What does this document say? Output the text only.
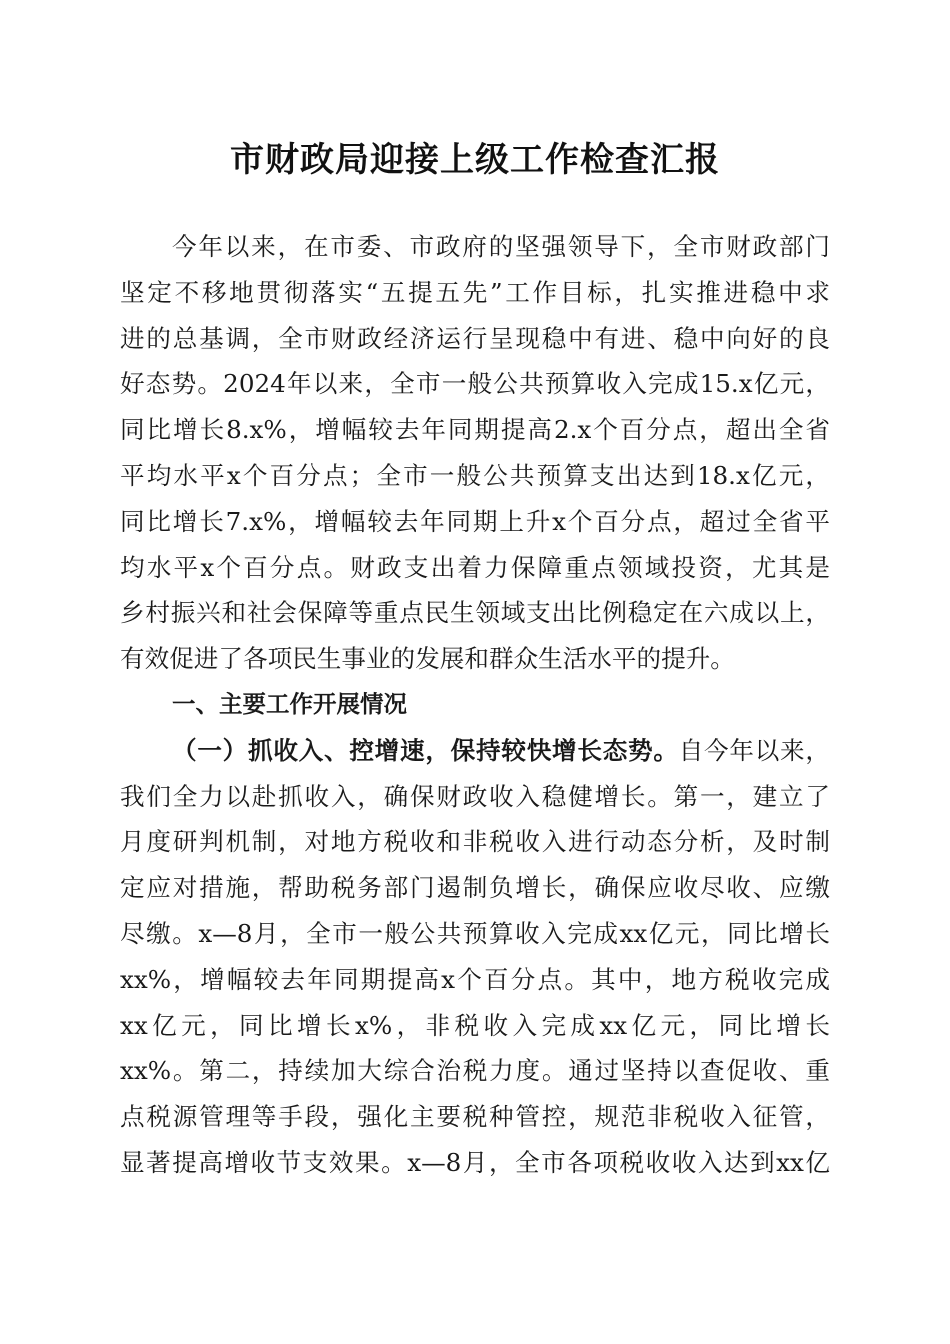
市财政局迎接上级工作检查汇报
今年以来，在市委、市政府的坚强领导下，全市财政部门
坚定不移地贯彻落实“五提五先”工作目标，扎实推进稳中求
进的总基调，全市财政经济运行呈现稳中有进、稳中向好的良
好态势。2024年以来，全市一般公共预算收入完成15.x亿元，
同比增长8.x%，增幅较去年同期提高2.x个百分点，超出全省
平均水平x个百分点；全市一般公共预算支出达到18.x亿元，
同比增长7.x%，增幅较去年同期上升x个百分点，超过全省平
均水平x个百分点。财政支出着力保障重点领域投资，尤其是
乡村振兴和社会保障等重点民生领域支出比例稳定在六成以上，
有效促进了各项民生事业的发展和群众生活水平的提升。
一、主要工作开展情况
（一）抓收入、控增速，保持较快增长态势。自今年以来，
我们全力以赴抓收入，确保财政收入稳健增长。第一，建立了
月度研判机制，对地方税收和非税收入进行动态分析，及时制
定应对措施，帮助税务部门遏制负增长，确保应收尽收、应缴
尽缴。x—8月，全市一般公共预算收入完成xx亿元，同比增长
xx%，增幅较去年同期提高x个百分点。其中，地方税收完成
xx亿元，同比增长x%，非税收入完成xx亿元，同比增长
xx%。第二，持续加大综合治税力度。通过坚持以查促收、重
点税源管理等手段，强化主要税种管控，规范非税收入征管，
显著提高增收节支效果。x—8月，全市各项税收收入达到xx亿
